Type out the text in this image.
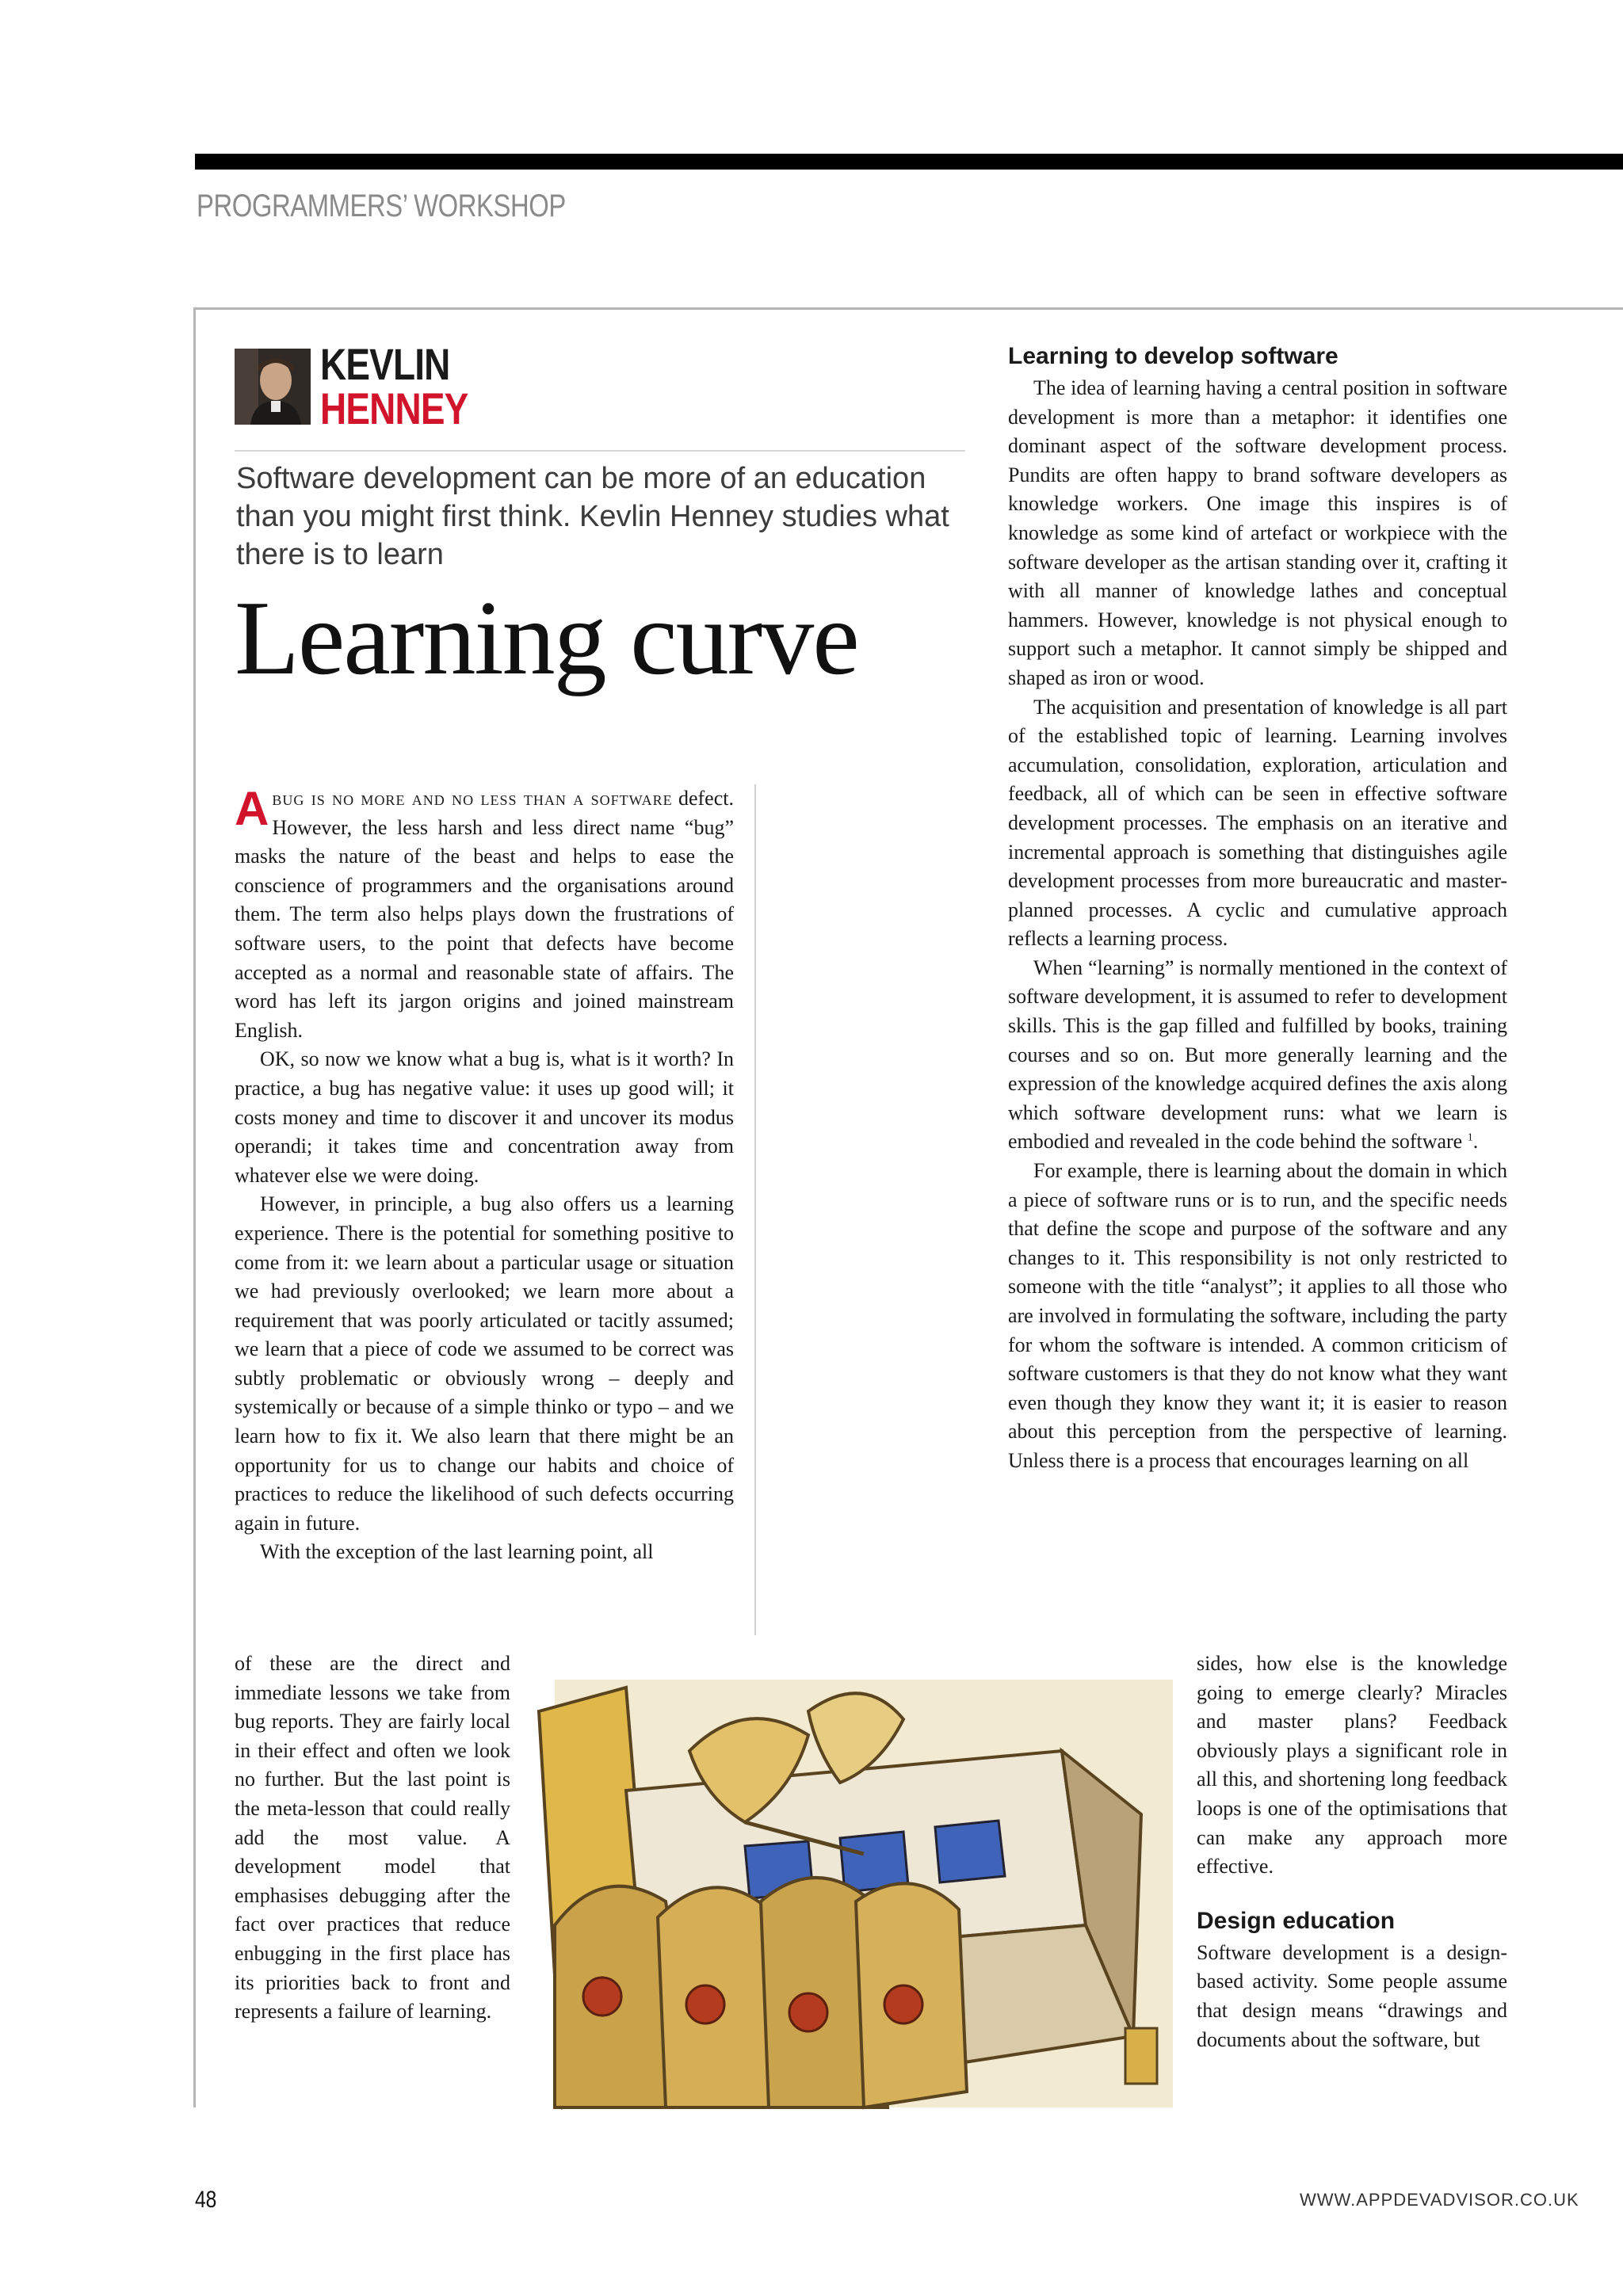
PROGRAMMERS’ WORKSHOP
KEVLIN
HENNEY
Software development can be more of an education than you might first think. Kevlin Henney studies what there is to learn
Learning curve

Abug is no more and no less than a software defect. However, the less harsh and less direct name “bug” masks the nature of the beast and helps to ease the conscience of programmers and the organisations around them. The term also helps plays down the frustrations of software users, to the point that defects have become accepted as a normal and reasonable state of affairs. The word has left its jargon origins and joined mainstream English.

OK, so now we know what a bug is, what is it worth? In practice, a bug has negative value: it uses up good will; it costs money and time to discover it and uncover its modus operandi; it takes time and concentration away from whatever else we were doing.

However, in principle, a bug also offers us a learning experience. There is the potential for something positive to come from it: we learn about a particular usage or situation we had previously overlooked; we learn more about a requirement that was poorly articulated or tacitly assumed; we learn that a piece of code we assumed to be correct was subtly problematic or obviously wrong – deeply and systemically or because of a simple thinko or typo – and we learn how to fix it. We also learn that there might be an opportunity for us to change our habits and choice of practices to reduce the likelihood of such defects occurring again in future.

With the exception of the last learning point, all

of these are the direct and immediate lessons we take from bug reports. They are fairly local in their effect and often we look no further. But the last point is the meta-lesson that could really add the most value. A development model that emphasises debugging after the fact over practices that reduce enbugging in the first place has its priorities back to front and represents a failure of learning.

Learning to develop software

The idea of learning having a central position in software development is more than a metaphor: it identifies one dominant aspect of the software development process. Pundits are often happy to brand software developers as knowledge workers. One image this inspires is of knowledge as some kind of artefact or workpiece with the software developer as the artisan standing over it, crafting it with all manner of knowledge lathes and conceptual hammers. However, knowledge is not physical enough to support such a metaphor. It cannot simply be shipped and shaped as iron or wood.

The acquisition and presentation of knowledge is all part of the established topic of learning. Learning involves accumulation, consolidation, exploration, articulation and feedback, all of which can be seen in effective software development processes. The emphasis on an iterative and incremental approach is something that distinguishes agile development processes from more bureaucratic and master-planned processes. A cyclic and cumulative approach reflects a learning process.

When “learning” is normally mentioned in the context of software development, it is assumed to refer to development skills. This is the gap filled and fulfilled by books, training courses and so on. But more generally learning and the expression of the knowledge acquired defines the axis along which software development runs: what we learn is embodied and revealed in the code behind the software $^1$.

For example, there is learning about the domain in which a piece of software runs or is to run, and the specific needs that define the scope and purpose of the software and any changes to it. This responsibility is not only restricted to someone with the title “analyst”; it applies to all those who are involved in formulating the software, including the party for whom the software is intended. A common criticism of software customers is that they do not know what they want even though they know they want it; it is easier to reason about this perception from the perspective of learning. Unless there is a process that encourages learning on all

sides, how else is the knowledge going to emerge clearly? Miracles and master plans? Feedback obviously plays a significant role in all this, and shortening long feedback loops is one of the optimisations that can make any approach more effective.

Design education

Software development is a design-based activity. Some people assume that design means “drawings and documents about the software, but

48	WWW.APPDEVADVISOR.CO.UK
